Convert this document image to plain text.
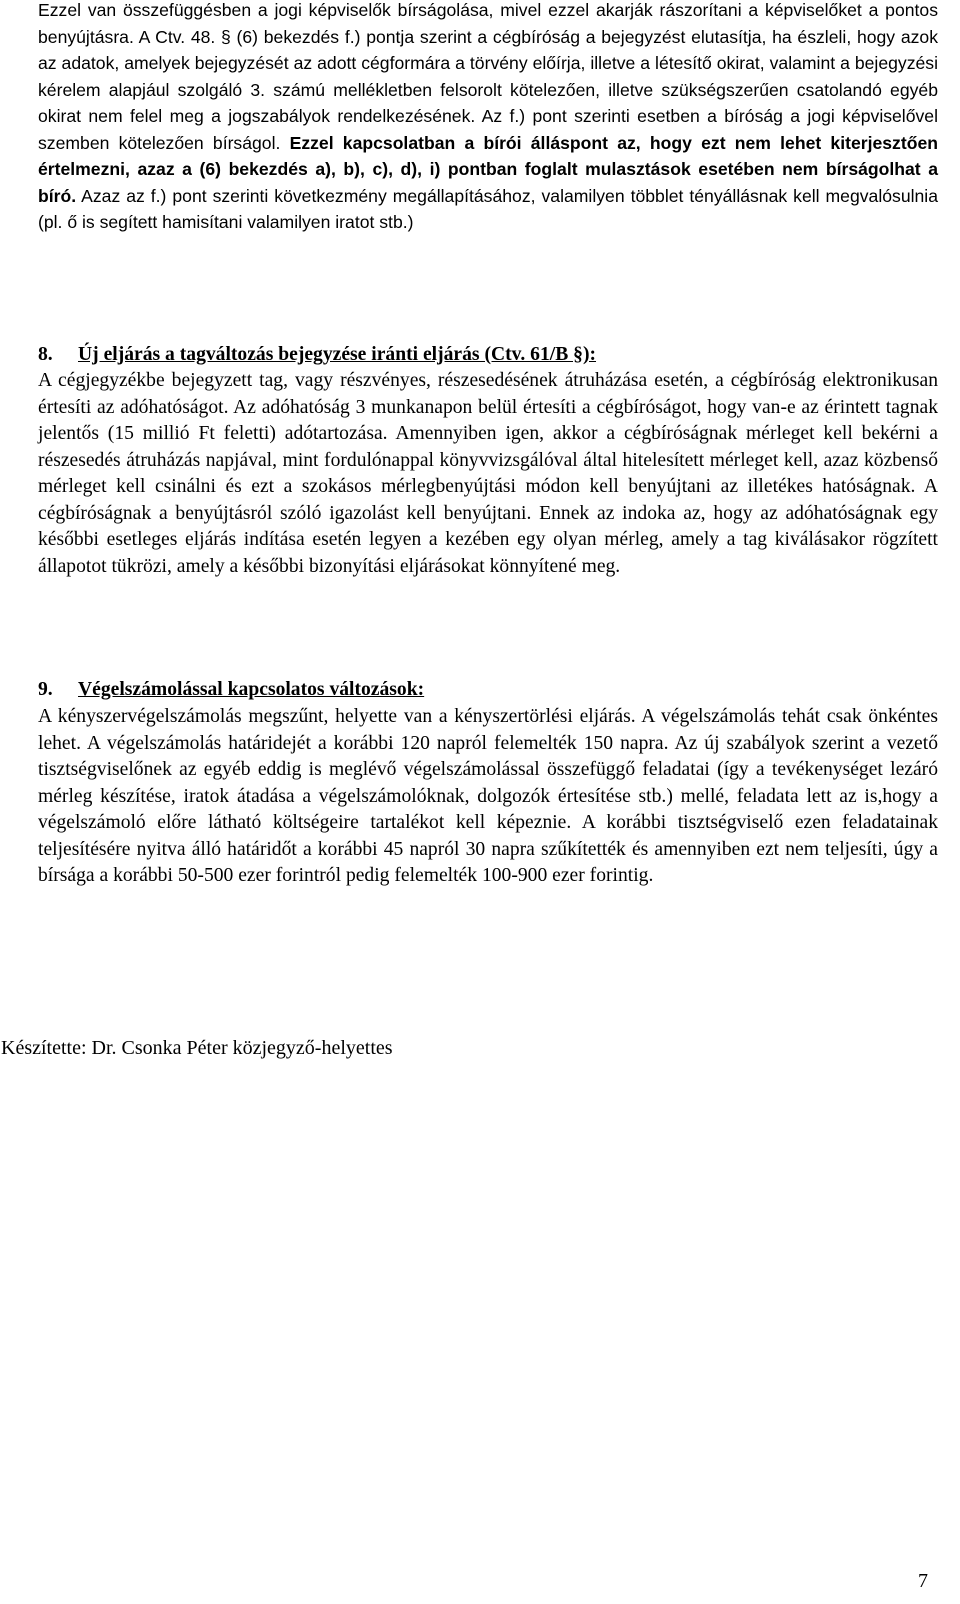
Ezzel van összefüggésben a jogi képviselők bírságolása, mivel ezzel akarják rászorítani a képviselőket a pontos benyújtásra. A Ctv. 48. § (6) bekezdés f.) pontja szerint a cégbíróság a bejegyzést elutasítja, ha észleli, hogy azok az adatok, amelyek bejegyzését az adott cégformára a törvény előírja, illetve a létesítő okirat, valamint a bejegyzési kérelem alapjául szolgáló 3. számú mellékletben felsorolt kötelezően, illetve szükségszerűen csatolandó egyéb okirat nem felel meg a jogszabályok rendelkezésének. Az f.) pont szerinti esetben a bíróság a jogi képviselővel szemben kötelezően bírságol. Ezzel kapcsolatban a bírói álláspont az, hogy ezt nem lehet kiterjesztően értelmezni, azaz a (6) bekezdés a), b), c), d), i) pontban foglalt mulasztások esetében nem bírságolhat a bíró. Azaz az f.) pont szerinti következmény megállapításához, valamilyen többlet tényállásnak kell megvalósulnia (pl. ő is segített hamisítani valamilyen iratot stb.)

8. Új eljárás a tagváltozás bejegyzése iránti eljárás (Ctv. 61/B §):

A cégjegyzékbe bejegyzett tag, vagy részvényes, részesedésének átruházása esetén, a cégbíróság elektronikusan értesíti az adóhatóságot. Az adóhatóság 3 munkanapon belül értesíti a cégbíróságot, hogy van-e az érintett tagnak jelentős (15 millió Ft feletti) adótartozása. Amennyiben igen, akkor a cégbíróságnak mérleget kell bekérni a részesedés átruházás napjával, mint fordulónappal könyvvizsgálóval által hitelesített mérleget kell, azaz közbenső mérleget kell csinálni és ezt a szokásos mérlegbenyújtási módon kell benyújtani az illetékes hatóságnak. A cégbíróságnak a benyújtásról szóló igazolást kell benyújtani. Ennek az indoka az, hogy az adóhatóságnak egy későbbi esetleges eljárás indítása esetén legyen a kezében egy olyan mérleg, amely a tag kiválásakor rögzített állapotot tükrözi, amely a későbbi bizonyítási eljárásokat könnyítené meg.

9. Végelszámolással kapcsolatos változások:

A kényszervégelszámolás megszűnt, helyette van a kényszertörlési eljárás. A végelszámolás tehát csak önkéntes lehet. A végelszámolás határidejét a korábbi 120 napról felemelték 150 napra. Az új szabályok szerint a vezető tisztségviselőnek az egyéb eddig is meglévő végelszámolással összefüggő feladatai (így a tevékenységet lezáró mérleg készítése, iratok átadása a végelszámolóknak, dolgozók értesítése stb.) mellé, feladata lett az is,hogy a végelszámoló előre látható költségeire tartalékot kell képeznie. A korábbi tisztségviselő ezen feladatainak teljesítésére nyitva álló határidőt a korábbi 45 napról 30 napra szűkítették és amennyiben ezt nem teljesíti, úgy a bírsága a korábbi 50-500 ezer forintról pedig felemelték 100-900 ezer forintig.

Készítette: Dr. Csonka Péter közjegyző-helyettes
7
